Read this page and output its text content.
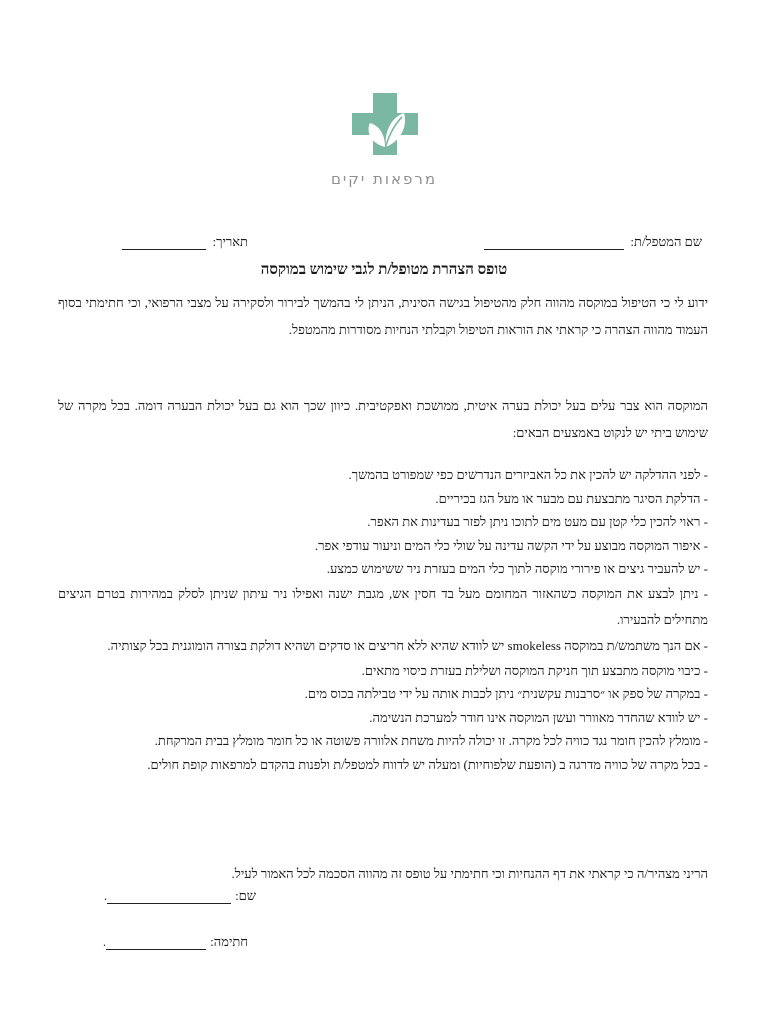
מרפאות יקים
שם המטפל/ת:
תאריך:
טופס הצהרת מטופל/ת לגבי שימוש במוקסה

ידוע לי כי הטיפול במוקסה מהווה חלק מהטיפול בגישה הסינית, הניתן לי בהמשך לבירור ולסקירה על מצבי הרפואי, וכי חתימתי בסוף העמוד מהווה הצהרה כי קראתי את הוראות הטיפול וקבלתי הנחיות מסודרות מהמטפל.

המוקסה הוא צבר עלים בעל יכולת בערה איטית, ממושכת ואפקטיבית. כיוון שכך הוא גם בעל יכולת הבערה דומה. בכל מקרה של שימוש ביתי יש לנקוט באמצעים הבאים:

- לפני ההדלקה יש להכין את כל האביזרים הנדרשים כפי שמפורט בהמשך.
- הדלקת הסיגר מתבצעת עם מבער או מעל הגז בכיריים.
- ראוי להכין כלי קטן עם מעט מים לתוכו ניתן לפזר בעדינות את האפר.
- איפור המוקסה מבוצע על ידי הקשה עדינה על שולי כלי המים וניעור עודפי אפר.
- יש להעביר גיצים או פירורי מוקסה לתוך כלי המים בעזרת ניר ששימוש כמצע.
- ניתן לבצע את המוקסה כשהאזור המחומם מעל בד חסין אש, מגבת ישנה ואפילו ניר עיתון שניתן לסלק במהירות בטרם הגיצים מתחילים להבעירו.
- אם הנך משתמש/ת במוקסה smokeless יש לוודא שהיא ללא חריצים או סדקים ושהיא דולקת בצורה הומוגנית בכל קצותיה.
- כיבוי מוקסה מתבצע תוך חניקת המוקסה ושלילת בעזרת כיסוי מתאים.
- במקרה של ספק או ״סרבנות עקשנית״ ניתן לכבות אותה על ידי טבילתה בכוס מים.
- יש לוודא שהחדר מאוורר ועשן המוקסה אינו חודר למערכת הנשימה.
- מומלץ להכין חומר נגד כוויה לכל מקרה. זו יכולה להיות משחת אלוורה פשוטה או כל חומר מומלץ בבית המרקחת.
- בכל מקרה של כוויה מדרגה ב (הופעת שלפוחיות) ומעלה יש לדווח למטפל/ת ולפנות בהקדם למרפאות קופת חולים.

הריני מצהיר/ה כי קראתי את דף ההנחיות וכי חתימתי על טופס זה מהווה הסכמה לכל האמור לעיל.

שם:
.
חתימה:
.
